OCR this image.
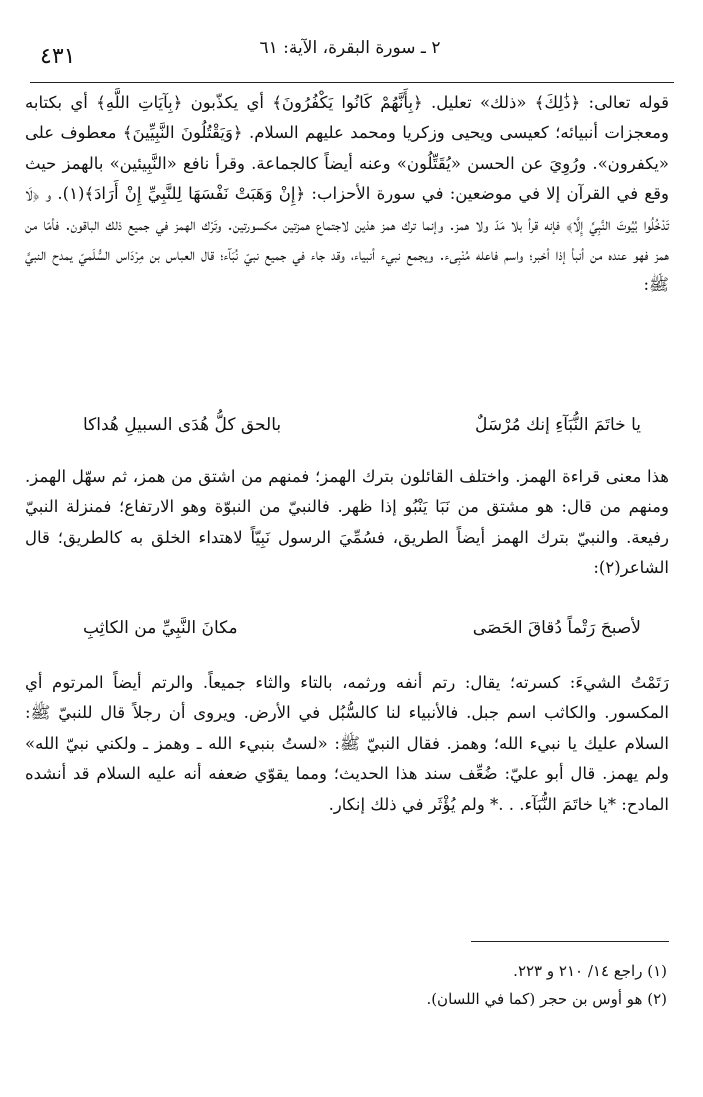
٢ ـ سورة البقرة، الآية: ٦١
٤٣١

قوله تعالى: ﴿ذَٰلِكَ﴾ «ذلك» تعليل. ﴿بِأَنَّهُمْ كَانُوا يَكْفُرُونَ﴾ أي يكذّبون ﴿بِآيَاتِ اللَّهِ﴾ أي بكتابه ومعجزات أنبيائه؛ كعيسى ويحيى وزكريا ومحمد عليهم السلام. ﴿وَيَقْتُلُونَ النَّبِيِّينَ﴾ معطوف على «يكفرون». ورُوِيَ عن الحسن «يُقَتِّلُون» وعنه أيضاً كالجماعة. وقرأ نافع «النَّبِيئين» بالهمز حيث وقع في القرآن إلا في موضعين: في سورة الأحزاب: ﴿إِنْ وَهَبَتْ نَفْسَهَا لِلنَّبِيِّ إِنْ أَرَادَ﴾(١). و ﴿لَا تَدْخُلُوا بُيُوتَ النَّبِيِّ إِلَّا﴾ فإنه قرأ بلا مَدّ ولا همز. وإنما ترك همز هذين لاجتماع همزتين مكسورتين. وتَرْك الهمز في جميع ذلك الباقون. فأمّا من همز فهو عنده من أنبأ إذا أخبر؛ واسم فاعله مُنْبِىء. ويجمع نبيء أنبياء، وقد جاء في جميع نبيّ نُبَآء؛ قال العباس بن مِرْدَاس السُّلَميّ يمدح النبيَّ ﷺ:

يا خاتَمَ النُّبَآءِ إنك مُرْسَلٌ
بالحق كلُّ هُدَى السبيلِ هُداكا

هذا معنى قراءة الهمز. واختلف القائلون بترك الهمز؛ فمنهم من اشتق من همز، ثم سهّل الهمز. ومنهم من قال: هو مشتق من نَبَا يَنْبُو إذا ظهر. فالنبيّ من النبوّة وهو الارتفاع؛ فمنزلة النبيّ رفيعة. والنبيّ بترك الهمز أيضاً الطريق، فسُمِّيَ الرسول نَبِيّاً لاهتداء الخلق به كالطريق؛ قال الشاعر(٢):

لأصبحَ رَتْماً دُقاقَ الحَصَى
مكانَ النَّبِيِّ من الكاثِبِ

رَتَمْتُ الشيءَ: كسرته؛ يقال: رتم أنفه ورثمه، بالتاء والثاء جميعاً. والرتم أيضاً المرتوم أي المكسور. والكاثب اسم جبل. فالأنبياء لنا كالسُّبُل في الأرض. ويروى أن رجلاً قال للنبيّ ﷺ: السلام عليك يا نبيء الله؛ وهمز. فقال النبيّ ﷺ: «لستُ بنبيء الله ـ وهمز ـ ولكني نبيّ الله» ولم يهمز. قال أبو عليّ: ضُعِّف سند هذا الحديث؛ ومما يقوّي ضعفه أنه عليه السلام قد أنشده المادح: *يا خاتَمَ النُّبَآء. . .* ولم يُؤْثَر في ذلك إنكار.

(١) راجع ١٤/ ٢١٠ و ٢٢٣.

(٢) هو أوس بن حجر (كما في اللسان).
